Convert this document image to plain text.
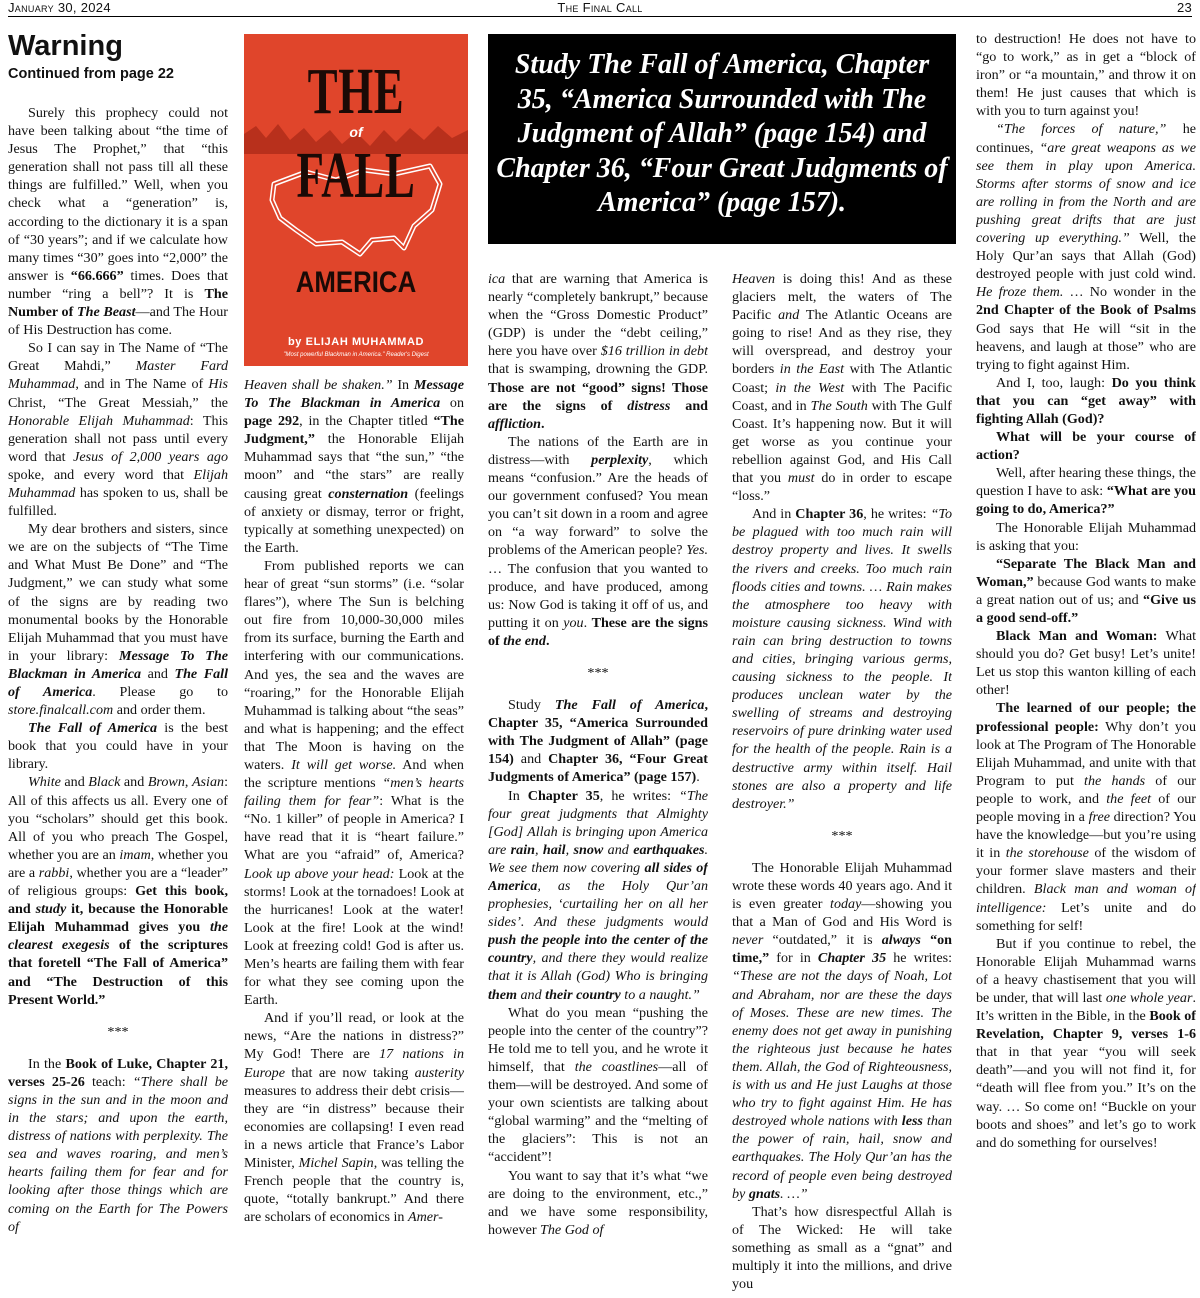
January 30, 2024	The Final Call	23
Warning
Continued from page 22

Surely this prophecy could not have been talking about “the time of Jesus The Prophet,” that “this generation shall not pass till all these things are fulfilled.” Well, when you check what a “generation” is, according to the dictionary it is a span of “30 years”; and if we calculate how many times “30” goes into “2,000” the answer is “66.666” times. Does that number “ring a bell”? It is The Number of The Beast—and The Hour of His Destruction has come.

So I can say in The Name of “The Great Mahdi,” Master Fard Muhammad, and in The Name of His Christ, “The Great Messiah,” the Honorable Elijah Muhammad: This generation shall not pass until every word that Jesus of 2,000 years ago spoke, and every word that Elijah Muhammad has spoken to us, shall be fulfilled.

My dear brothers and sisters, since we are on the subjects of “The Time and What Must Be Done” and “The Judgment,” we can study what some of the signs are by reading two monumental books by the Honorable Elijah Muhammad that you must have in your library: Message To The Blackman in America and The Fall of America. Please go to store.finalcall.com and order them.

The Fall of America is the best book that you could have in your library.

White and Black and Brown, Asian: All of this affects us all. Every one of you “scholars” should get this book. All of you who preach The Gospel, whether you are an imam, whether you are a rabbi, whether you are a “leader” of religious groups: Get this book, and study it, because the Honorable Elijah Muhammad gives you the clearest exegesis of the scriptures that foretell “The Fall of America” and “The Destruction of this Present World.”

***

In the Book of Luke, Chapter 21, verses 25-26 teach: “There shall be signs in the sun and in the moon and in the stars; and upon the earth, distress of nations with perplexity. The sea and waves roaring, and men’s hearts failing them for fear and for looking after those things which are coming on the Earth for The Powers of

THE FALL
of
AMERICA
by ELIJAH MUHAMMAD
"Most powerful Blackman in America." Reader's Digest
Study The Fall of America, Chapter 35, “America Surrounded with The Judgment of Allah” (page 154) and Chapter 36, “Four Great Judgments of America” (page 157).

Heaven shall be shaken.” In Message To The Blackman in America on page 292, in the Chapter titled “The Judgment,” the Honorable Elijah Muhammad says that “the sun,” “the moon” and “the stars” are really causing great consternation (feelings of anxiety or dismay, terror or fright, typically at something unexpected) on the Earth.

From published reports we can hear of great “sun storms” (i.e. “solar flares”), where The Sun is belching out fire from 10,000-30,000 miles from its surface, burning the Earth and interfering with our communications. And yes, the sea and the waves are “roaring,” for the Honorable Elijah Muhammad is talking about “the seas” and what is happening; and the effect that The Moon is having on the waters. It will get worse. And when the scripture mentions “men’s hearts failing them for fear”: What is the “No. 1 killer” of people in America? I have read that it is “heart failure.” What are you “afraid” of, America? Look up above your head: Look at the storms! Look at the tornadoes! Look at the hurricanes! Look at the water! Look at the fire! Look at the wind! Look at freezing cold! God is after us. Men’s hearts are failing them with fear for what they see coming upon the Earth.

And if you’ll read, or look at the news, “Are the nations in distress?” My God! There are 17 nations in Europe that are now taking austerity measures to address their debt crisis—they are “in distress” because their economies are collapsing! I even read in a news article that France’s Labor Minister, Michel Sapin, was telling the French people that the country is, quote, “totally bankrupt.” And there are scholars of economics in Amer-

ica that are warning that America is nearly “completely bankrupt,” because when the “Gross Domestic Product” (GDP) is under the “debt ceiling,” here you have over $16 trillion in debt that is swamping, drowning the GDP. Those are not “good” signs! Those are the signs of distress and affliction.

The nations of the Earth are in distress—with perplexity, which means “confusion.” Are the heads of our government confused? You mean you can’t sit down in a room and agree on “a way forward” to solve the problems of the American people? Yes. … The confusion that you wanted to produce, and have produced, among us: Now God is taking it off of us, and putting it on you. These are the signs of the end.

***

Study The Fall of America, Chapter 35, “America Surrounded with The Judgment of Allah” (page 154) and Chapter 36, “Four Great Judgments of America” (page 157).

In Chapter 35, he writes: “The four great judgments that Almighty [God] Allah is bringing upon America are rain, hail, snow and earthquakes. We see them now covering all sides of America, as the Holy Qur’an prophesies, ‘curtailing her on all her sides’. And these judgments would push the people into the center of the country, and there they would realize that it is Allah (God) Who is bringing them and their country to a naught.”

What do you mean “pushing the people into the center of the country”? He told me to tell you, and he wrote it himself, that the coastlines—all of them—will be destroyed. And some of your own scientists are talking about “global warming” and the “melting of the glaciers”: This is not an “accident”!

You want to say that it’s what “we are doing to the environment, etc.,” and we have some responsibility, however The God of

Heaven is doing this! And as these glaciers melt, the waters of The Pacific and The Atlantic Oceans are going to rise! And as they rise, they will overspread, and destroy your borders in the East with The Atlantic Coast; in the West with The Pacific Coast, and in The South with The Gulf Coast. It’s happening now. But it will get worse as you continue your rebellion against God, and His Call that you must do in order to escape “loss.”

And in Chapter 36, he writes: “To be plagued with too much rain will destroy property and lives. It swells the rivers and creeks. Too much rain floods cities and towns. … Rain makes the atmosphere too heavy with moisture causing sickness. Wind with rain can bring destruction to towns and cities, bringing various germs, causing sickness to the people. It produces unclean water by the swelling of streams and destroying reservoirs of pure drinking water used for the health of the people. Rain is a destructive army within itself. Hail stones are also a property and life destroyer.”

***

The Honorable Elijah Muhammad wrote these words 40 years ago. And it is even greater today—showing you that a Man of God and His Word is never “outdated,” it is always “on time,” for in Chapter 35 he writes: “These are not the days of Noah, Lot and Abraham, nor are these the days of Moses. These are new times. The enemy does not get away in punishing the righteous just because he hates them. Allah, the God of Righteousness, is with us and He just Laughs at those who try to fight against Him. He has destroyed whole nations with less than the power of rain, hail, snow and earthquakes. The Holy Qur’an has the record of people even being destroyed by gnats. …”

That’s how disrespectful Allah is of The Wicked: He will take something as small as a “gnat” and multiply it into the millions, and drive you

to destruction! He does not have to “go to work,” as in get a “block of iron” or “a mountain,” and throw it on them! He just causes that which is with you to turn against you!

“The forces of nature,” he continues, “are great weapons as we see them in play upon America. Storms after storms of snow and ice are rolling in from the North and are pushing great drifts that are just covering up everything.” Well, the Holy Qur’an says that Allah (God) destroyed people with just cold wind. He froze them. … No wonder in the 2nd Chapter of the Book of Psalms God says that He will “sit in the heavens, and laugh at those” who are trying to fight against Him.

And I, too, laugh: Do you think that you can “get away” with fighting Allah (God)?

What will be your course of action?

Well, after hearing these things, the question I have to ask: “What are you going to do, America?”

The Honorable Elijah Muhammad is asking that you:

“Separate The Black Man and Woman,” because God wants to make a great nation out of us; and “Give us a good send-off.”

Black Man and Woman: What should you do? Get busy! Let’s unite! Let us stop this wanton killing of each other!

The learned of our people; the professional people: Why don’t you look at The Program of The Honorable Elijah Muhammad, and unite with that Program to put the hands of our people to work, and the feet of our people moving in a free direction? You have the knowledge—but you’re using it in the storehouse of the wisdom of your former slave masters and their children. Black man and woman of intelligence: Let’s unite and do something for self!

But if you continue to rebel, the Honorable Elijah Muhammad warns of a heavy chastisement that you will be under, that will last one whole year. It’s written in the Bible, in the Book of Revelation, Chapter 9, verses 1-6 that in that year “you will seek death”—and you will not find it, for “death will flee from you.” It’s on the way. … So come on! “Buckle on your boots and shoes” and let’s go to work and do something for ourselves!
